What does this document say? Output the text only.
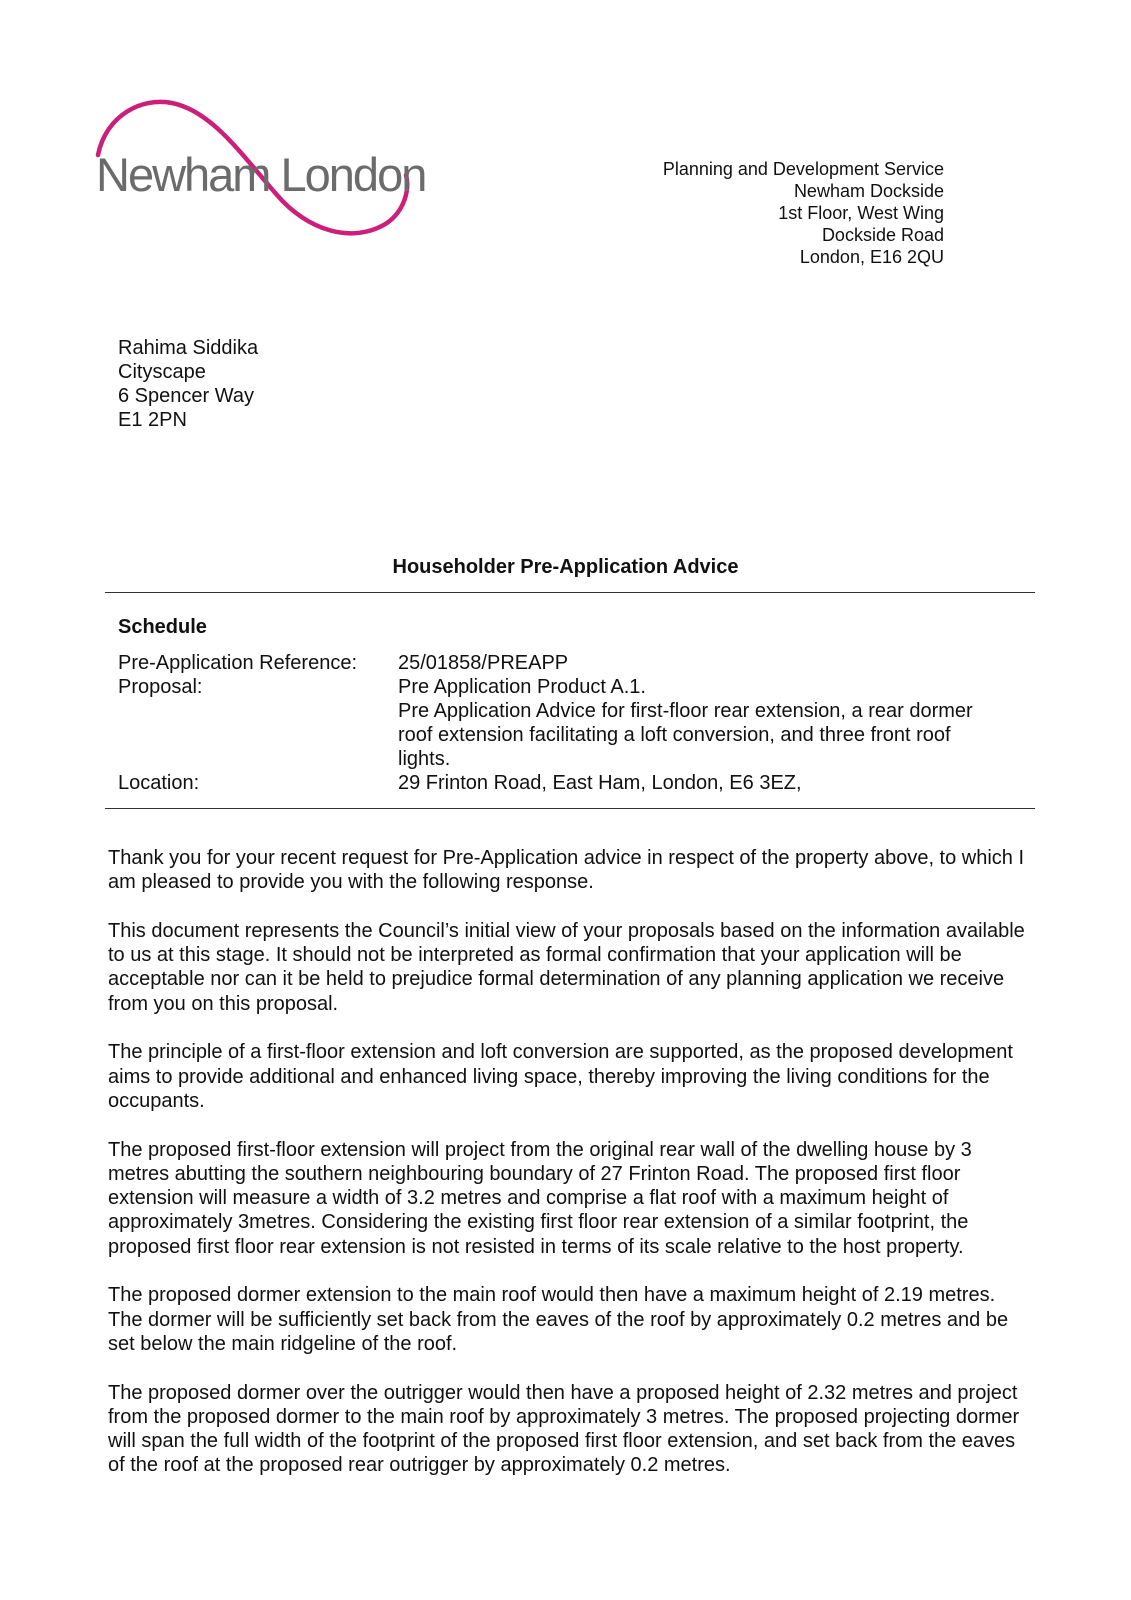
Newham London	Planning and Development Service
Newham Dockside
1st Floor, West Wing
Dockside Road
London, E16 2QU
Rahima Siddika
Cityscape
6 Spencer Way
E1 2PN
Householder Pre-Application Advice
Schedule
Pre-Application Reference:	25/01858/PREAPP
Proposal:	Pre Application Product A.1.
Pre Application Advice for first-floor rear extension, a rear dormer roof extension facilitating a loft conversion, and three front roof lights.
Location:	29 Frinton Road, East Ham, London, E6 3EZ,

Thank you for your recent request for Pre-Application advice in respect of the property above, to which I am pleased to provide you with the following response.

This document represents the Council’s initial view of your proposals based on the information available to us at this stage. It should not be interpreted as formal confirmation that your application will be acceptable nor can it be held to prejudice formal determination of any planning application we receive from you on this proposal.

The principle of a first-floor extension and loft conversion are supported, as the proposed development aims to provide additional and enhanced living space, thereby improving the living conditions for the occupants.

The proposed first-floor extension will project from the original rear wall of the dwelling house by 3 metres abutting the southern neighbouring boundary of 27 Frinton Road. The proposed first floor extension will measure a width of 3.2 metres and comprise a flat roof with a maximum height of approximately 3metres. Considering the existing first floor rear extension of a similar footprint, the proposed first floor rear extension is not resisted in terms of its scale relative to the host property.

The proposed dormer extension to the main roof would then have a maximum height of 2.19 metres. The dormer will be sufficiently set back from the eaves of the roof by approximately 0.2 metres and be set below the main ridgeline of the roof.

The proposed dormer over the outrigger would then have a proposed height of 2.32 metres and project from the proposed dormer to the main roof by approximately 3 metres. The proposed projecting dormer will span the full width of the footprint of the proposed first floor extension, and set back from the eaves of the roof at the proposed rear outrigger by approximately 0.2 metres.
